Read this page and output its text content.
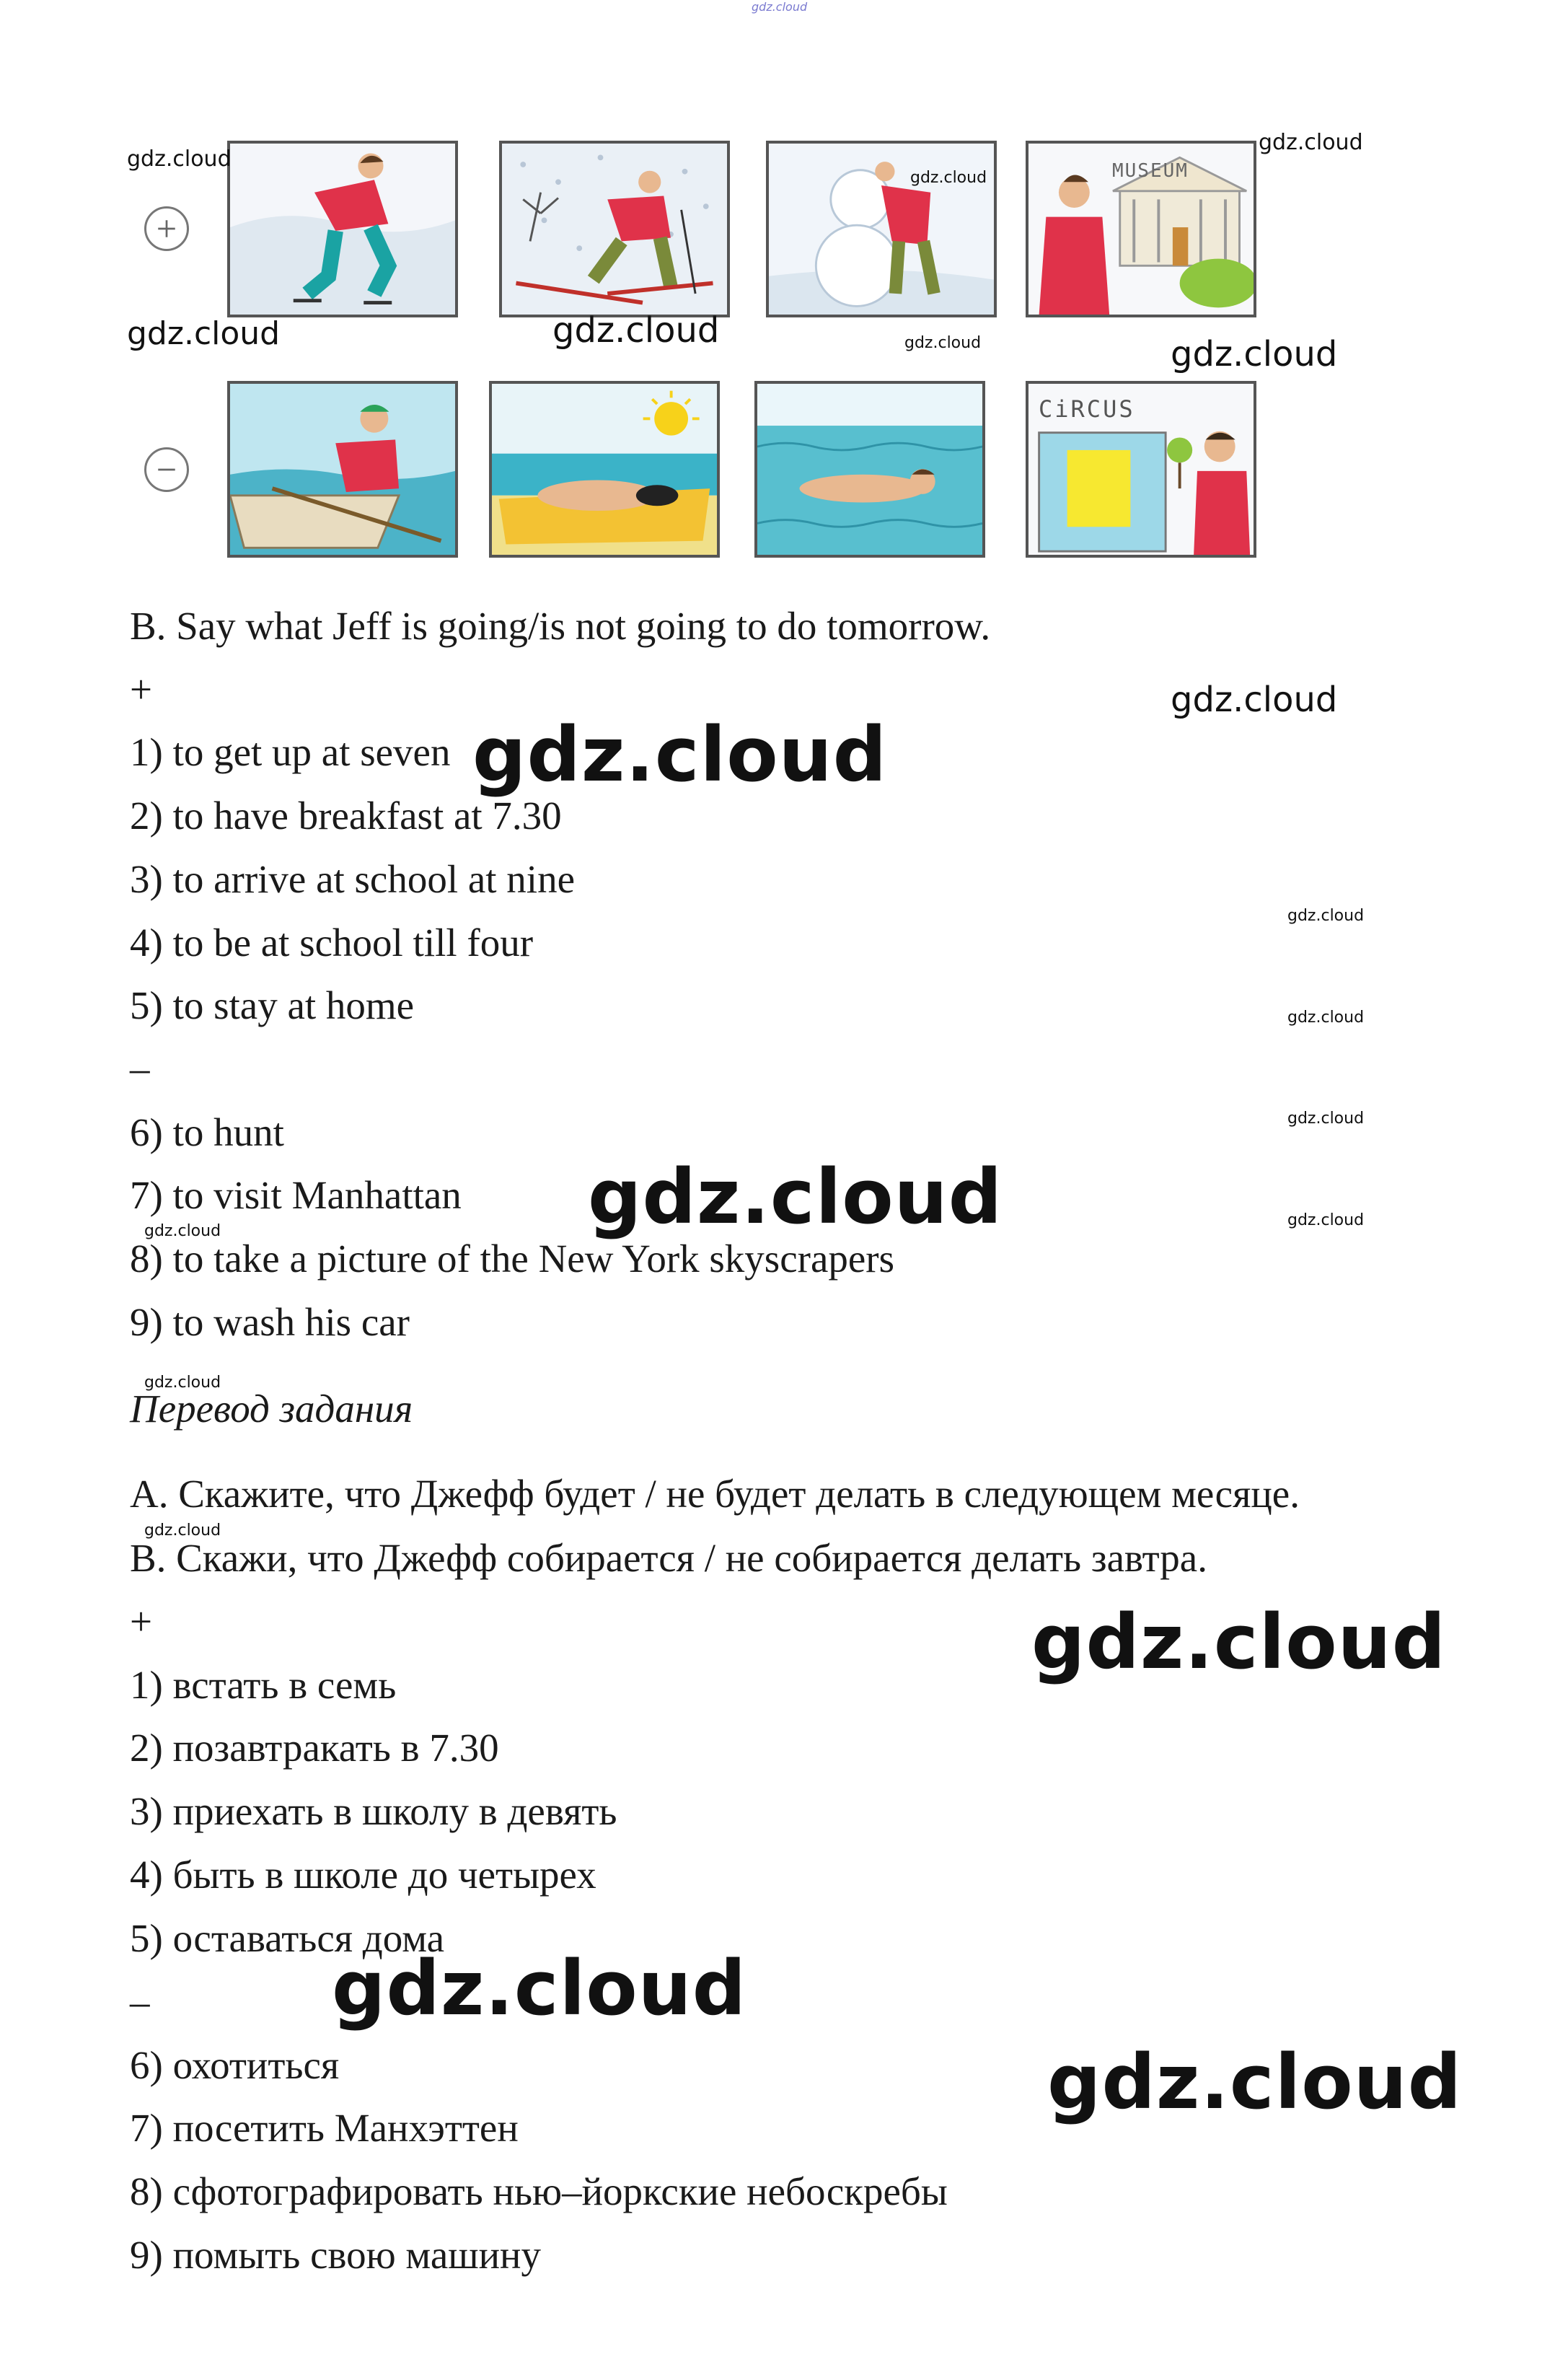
gdz.cloud
MUSEUM
CiRCUS
gdz.cloud
gdz.cloud
gdz.cloud
gdz.cloud	gdz.cloud	gdz.cloud	gdz.cloud
B. Say what Jeff is going/is not going to do tomorrow.
gdz.cloud
+
1) to get up at seven gdz.cloud
2) to have breakfast at 7.30
3) to arrive at school at nine
4) to be at school till four
gdz.cloud
5) to stay at home	gdz.cloud
–
6) to hunt	gdz.cloud
7) to visit Manhattan gdz.cloud	gdz.cloud
gdz.cloud
8) to take a picture of the New York skyscrapers
9) to wash his car
gdz.cloud
Перевод задания
A. Скажите, что Джефф будет / не будет делать в следующем месяце.
gdz.cloud
B. Скажи, что Джефф собирается / не собирается делать завтра.
+	gdz.cloud
1) встать в семь
2) позавтракать в 7.30
3) приехать в школу в девять
4) быть в школе до четырех
5) оставаться дома
gdz.cloud
–
6) охотиться	gdz.cloud
7) посетить Манхэттен
8) сфотографировать нью–йоркские небоскребы
9) помыть свою машину
